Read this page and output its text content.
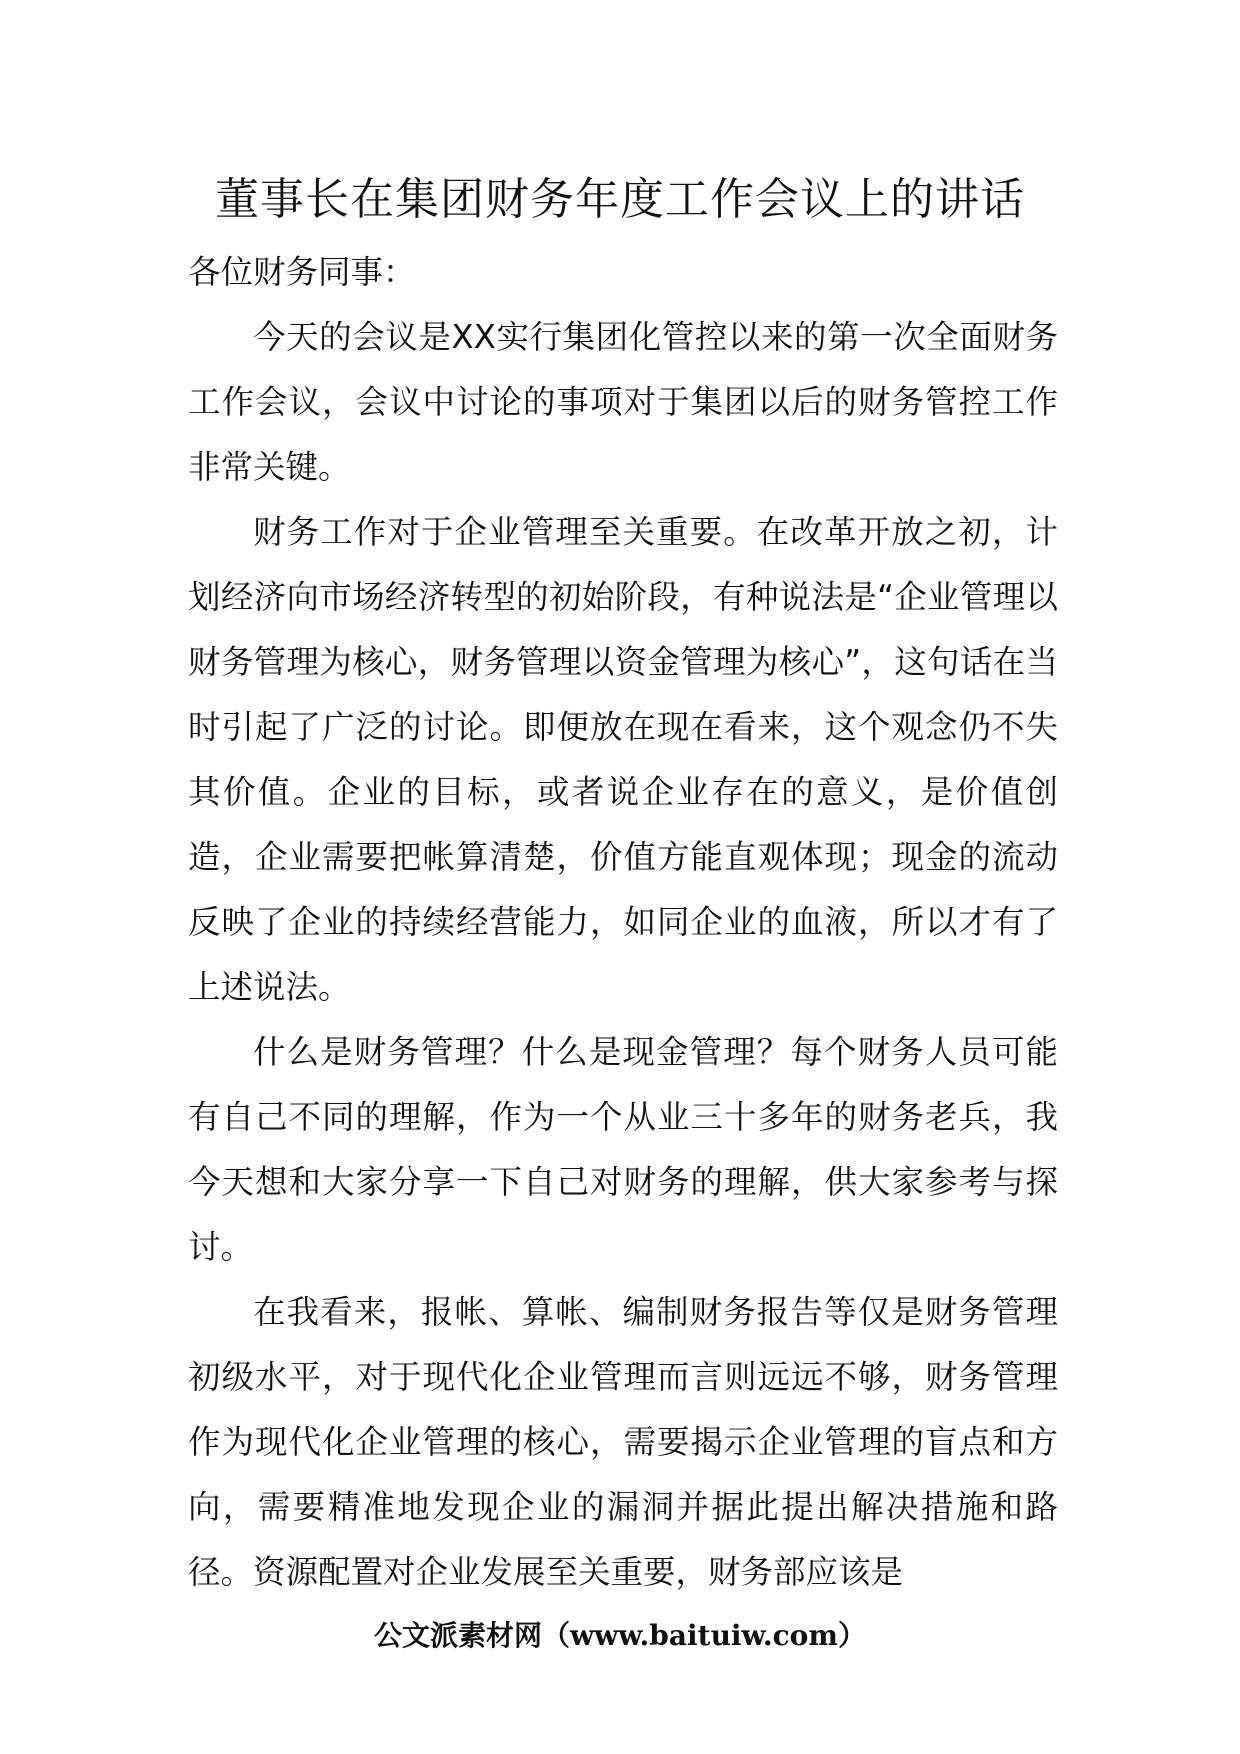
董事长在集团财务年度工作会议上的讲话

各位财务同事：

今天的会议是XX实行集团化管控以来的第一次全面财务工作会议，会议中讨论的事项对于集团以后的财务管控工作非常关键。

财务工作对于企业管理至关重要。在改革开放之初，计划经济向市场经济转型的初始阶段，有种说法是“企业管理以财务管理为核心，财务管理以资金管理为核心”，这句话在当时引起了广泛的讨论。即便放在现在看来，这个观念仍不失其价值。企业的目标，或者说企业存在的意义，是价值创造，企业需要把帐算清楚，价值方能直观体现；现金的流动反映了企业的持续经营能力，如同企业的血液，所以才有了上述说法。

什么是财务管理？什么是现金管理？每个财务人员可能有自己不同的理解，作为一个从业三十多年的财务老兵，我今天想和大家分享一下自己对财务的理解，供大家参考与探讨。

在我看来，报帐、算帐、编制财务报告等仅是财务管理初级水平，对于现代化企业管理而言则远远不够，财务管理作为现代化企业管理的核心，需要揭示企业管理的盲点和方向，需要精准地发现企业的漏洞并据此提出解决措施和路径。资源配置对企业发展至关重要，财务部应该是

公文派素材网（www.baituiw.com）
